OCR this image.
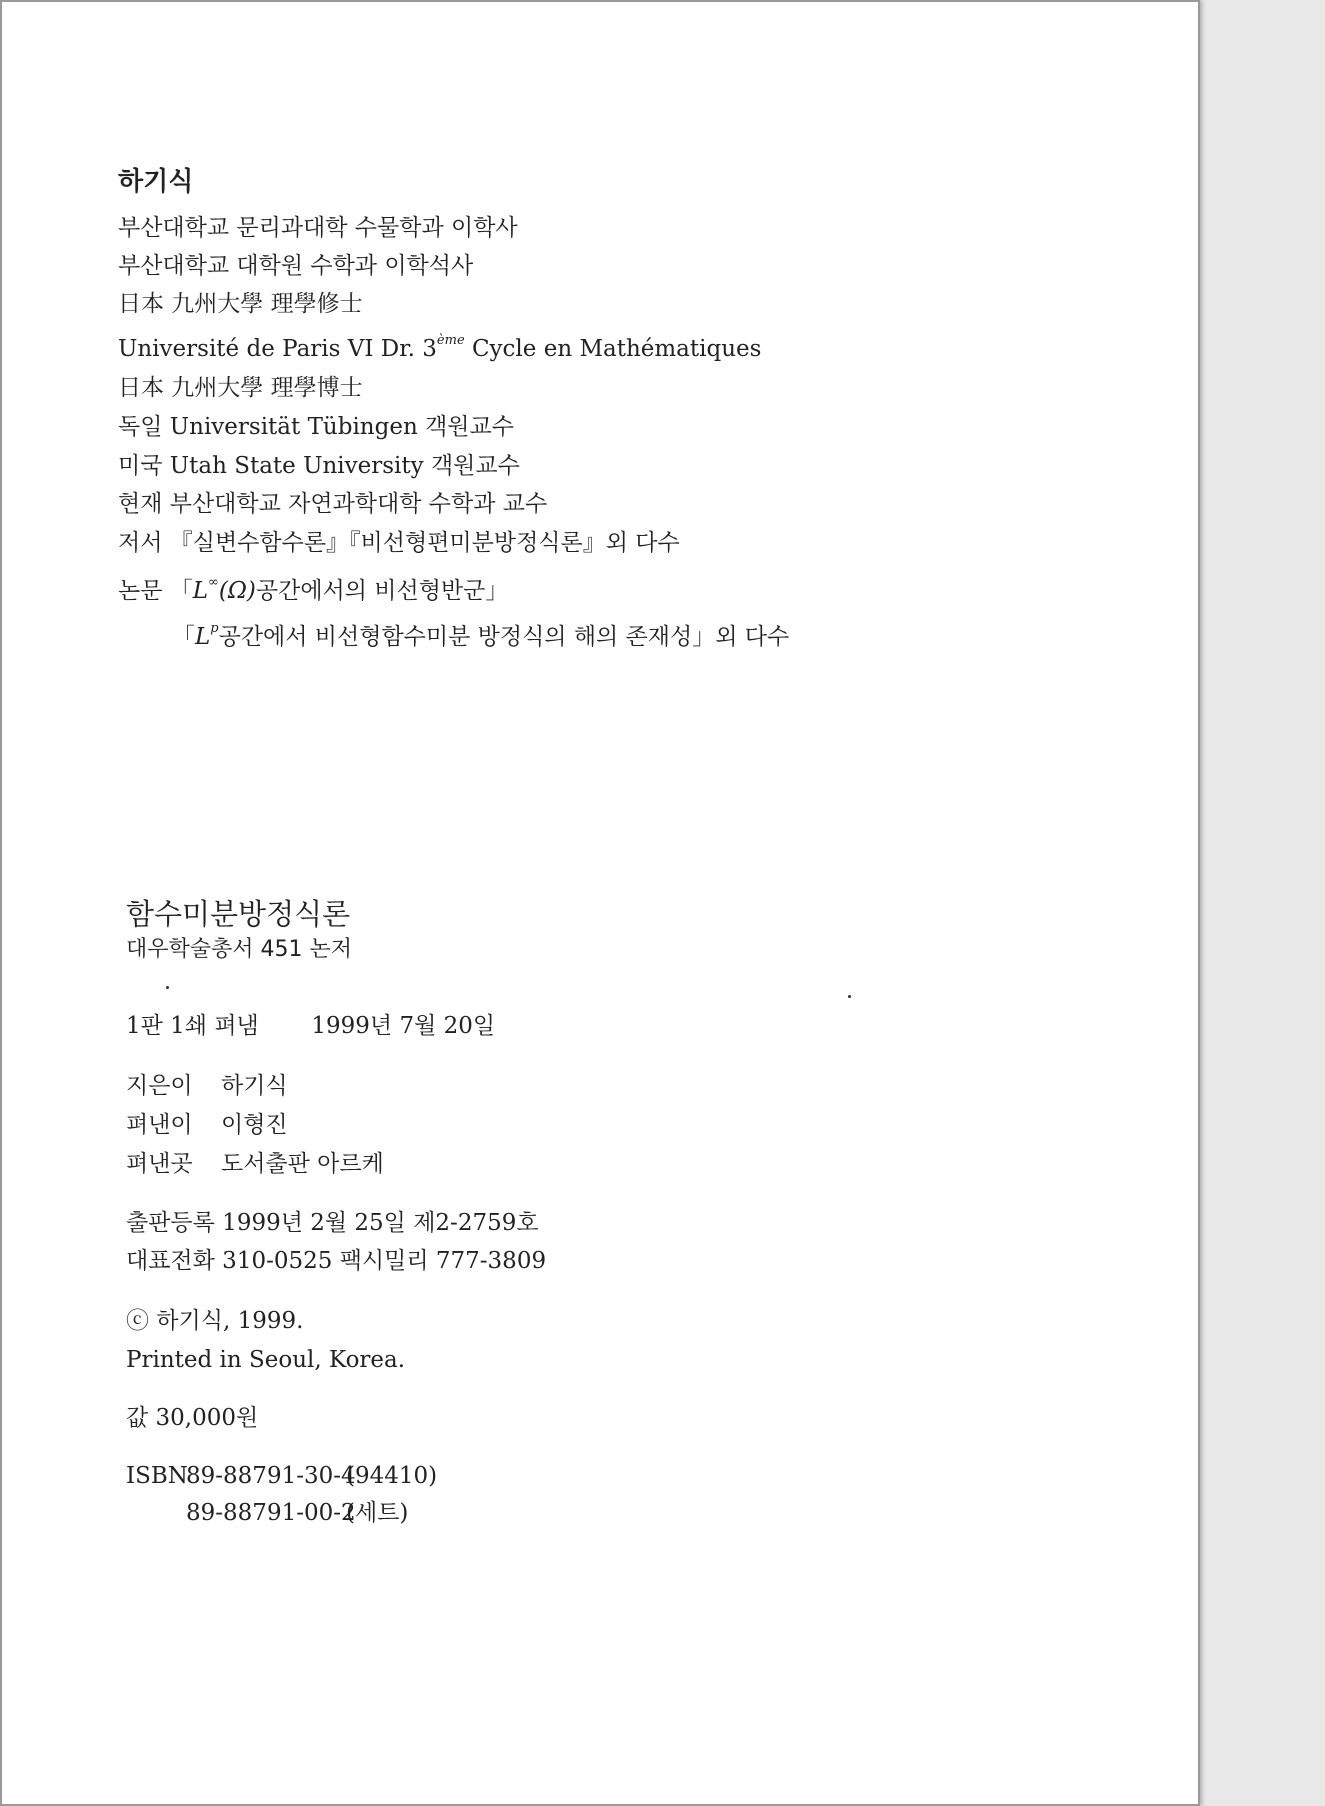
하기식
부산대학교 문리과대학 수물학과 이학사
부산대학교 대학원 수학과 이학석사
日本 九州大學 理學修士
Université de Paris VI Dr. 3ème Cycle en Mathématiques
日本 九州大學 理學博士
독일 Universität Tübingen 객원교수
미국 Utah State University 객원교수
현재 부산대학교 자연과학대학 수학과 교수
저서 『실변수함수론』『비선형편미분방정식론』외 다수
논문 「L∞(Ω)공간에서의 비선형반군」
「$L^p$공간에서 비선형함수미분 방정식의 해의 존재성」외 다수
함수미분방정식론
대우학술총서 451 논저
1판 1쇄 펴냄 1999년 7월 20일
지은이 하기식
펴낸이 이형진
펴낸곳 도서출판 아르케
출판등록 1999년 2월 25일 제2-2759호
대표전화 310-0525 팩시밀리 777-3809
ⓒ 하기식, 1999.
Printed in Seoul, Korea.
값 30,000원
ISBN89-88791-30-4(94410)
89-88791-00-2(세트)
